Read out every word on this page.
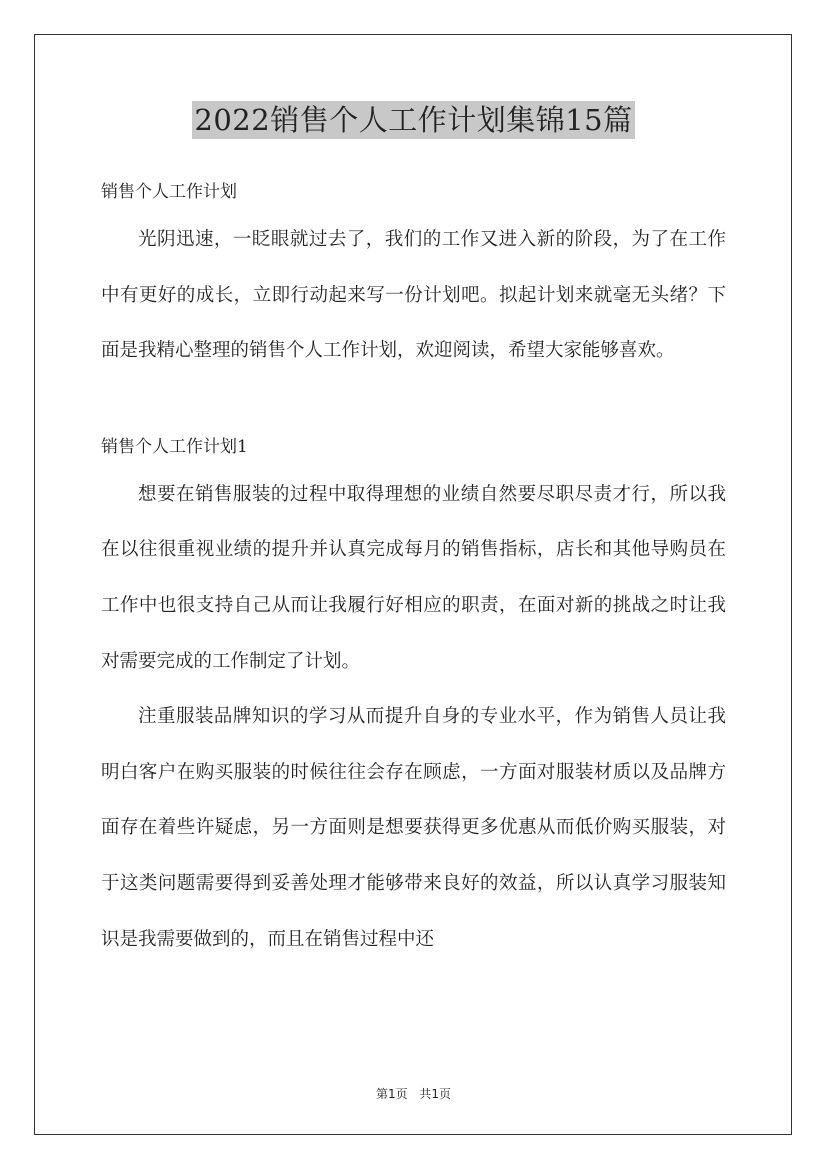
2022销售个人工作计划集锦15篇

销售个人工作计划

光阴迅速，一眨眼就过去了，我们的工作又进入新的阶段，为了在工作中有更好的成长，立即行动起来写一份计划吧。拟起计划来就毫无头绪？下面是我精心整理的销售个人工作计划，欢迎阅读，希望大家能够喜欢。

销售个人工作计划1

想要在销售服装的过程中取得理想的业绩自然要尽职尽责才行，所以我在以往很重视业绩的提升并认真完成每月的销售指标，店长和其他导购员在工作中也很支持自己从而让我履行好相应的职责，在面对新的挑战之时让我对需要完成的工作制定了计划。

注重服装品牌知识的学习从而提升自身的专业水平，作为销售人员让我明白客户在购买服装的时候往往会存在顾虑，一方面对服装材质以及品牌方面存在着些许疑虑，另一方面则是想要获得更多优惠从而低价购买服装，对于这类问题需要得到妥善处理才能够带来良好的效益，所以认真学习服装知识是我需要做到的，而且在销售过程中还

第1页 共1页
